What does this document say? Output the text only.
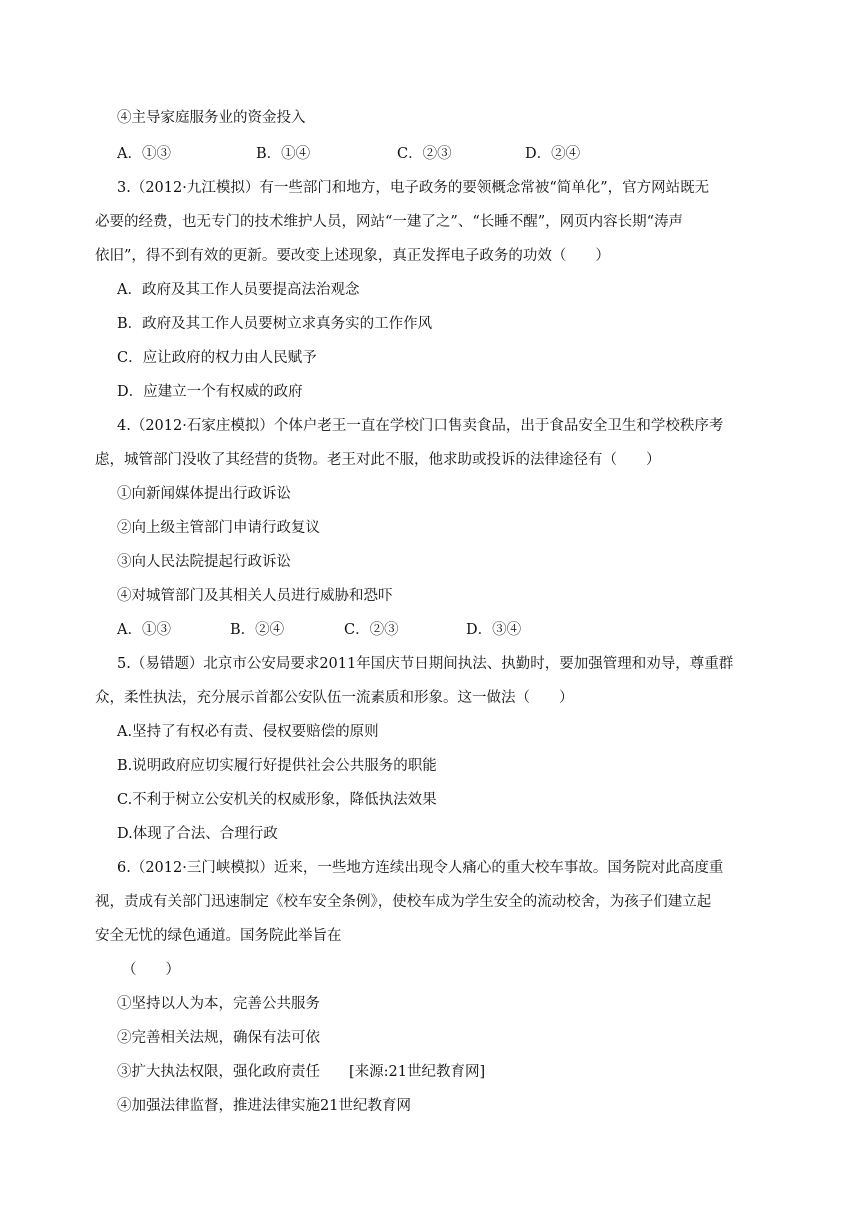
④主导家庭服务业的资金投入
A．①③	B．①④	C．②③	D．②④
3.（2012·九江模拟）有一些部门和地方，电子政务的要领概念常被“简单化”，官方网站既无
必要的经费，也无专门的技术维护人员，网站“一建了之”、“长睡不醒”，网页内容长期“涛声
依旧”，得不到有效的更新。要改变上述现象，真正发挥电子政务的功效（　　）
A．政府及其工作人员要提高法治观念
B．政府及其工作人员要树立求真务实的工作作风
C．应让政府的权力由人民赋予
D．应建立一个有权威的政府
4.（2012·石家庄模拟）个体户老王一直在学校门口售卖食品，出于食品安全卫生和学校秩序考
虑，城管部门没收了其经营的货物。老王对此不服，他求助或投诉的法律途径有（　　）
①向新闻媒体提出行政诉讼
②向上级主管部门申请行政复议
③向人民法院提起行政诉讼
④对城管部门及其相关人员进行威胁和恐吓
A．①③	B．②④	C．②③	D．③④
5.（易错题）北京市公安局要求2011年国庆节日期间执法、执勤时，要加强管理和劝导，尊重群
众，柔性执法，充分展示首都公安队伍一流素质和形象。这一做法（　　）
A.坚持了有权必有责、侵权要赔偿的原则
B.说明政府应切实履行好提供社会公共服务的职能
C.不利于树立公安机关的权威形象，降低执法效果
D.体现了合法、合理行政
6.（2012·三门峡模拟）近来，一些地方连续出现令人痛心的重大校车事故。国务院对此高度重
视，责成有关部门迅速制定《校车安全条例》，使校车成为学生安全的流动校舍，为孩子们建立起
安全无忧的绿色通道。国务院此举旨在
（　　）
①坚持以人为本，完善公共服务
②完善相关法规，确保有法可依
③扩大执法权限，强化政府责任　　[来源:21世纪教育网]
④加强法律监督，推进法律实施21世纪教育网
